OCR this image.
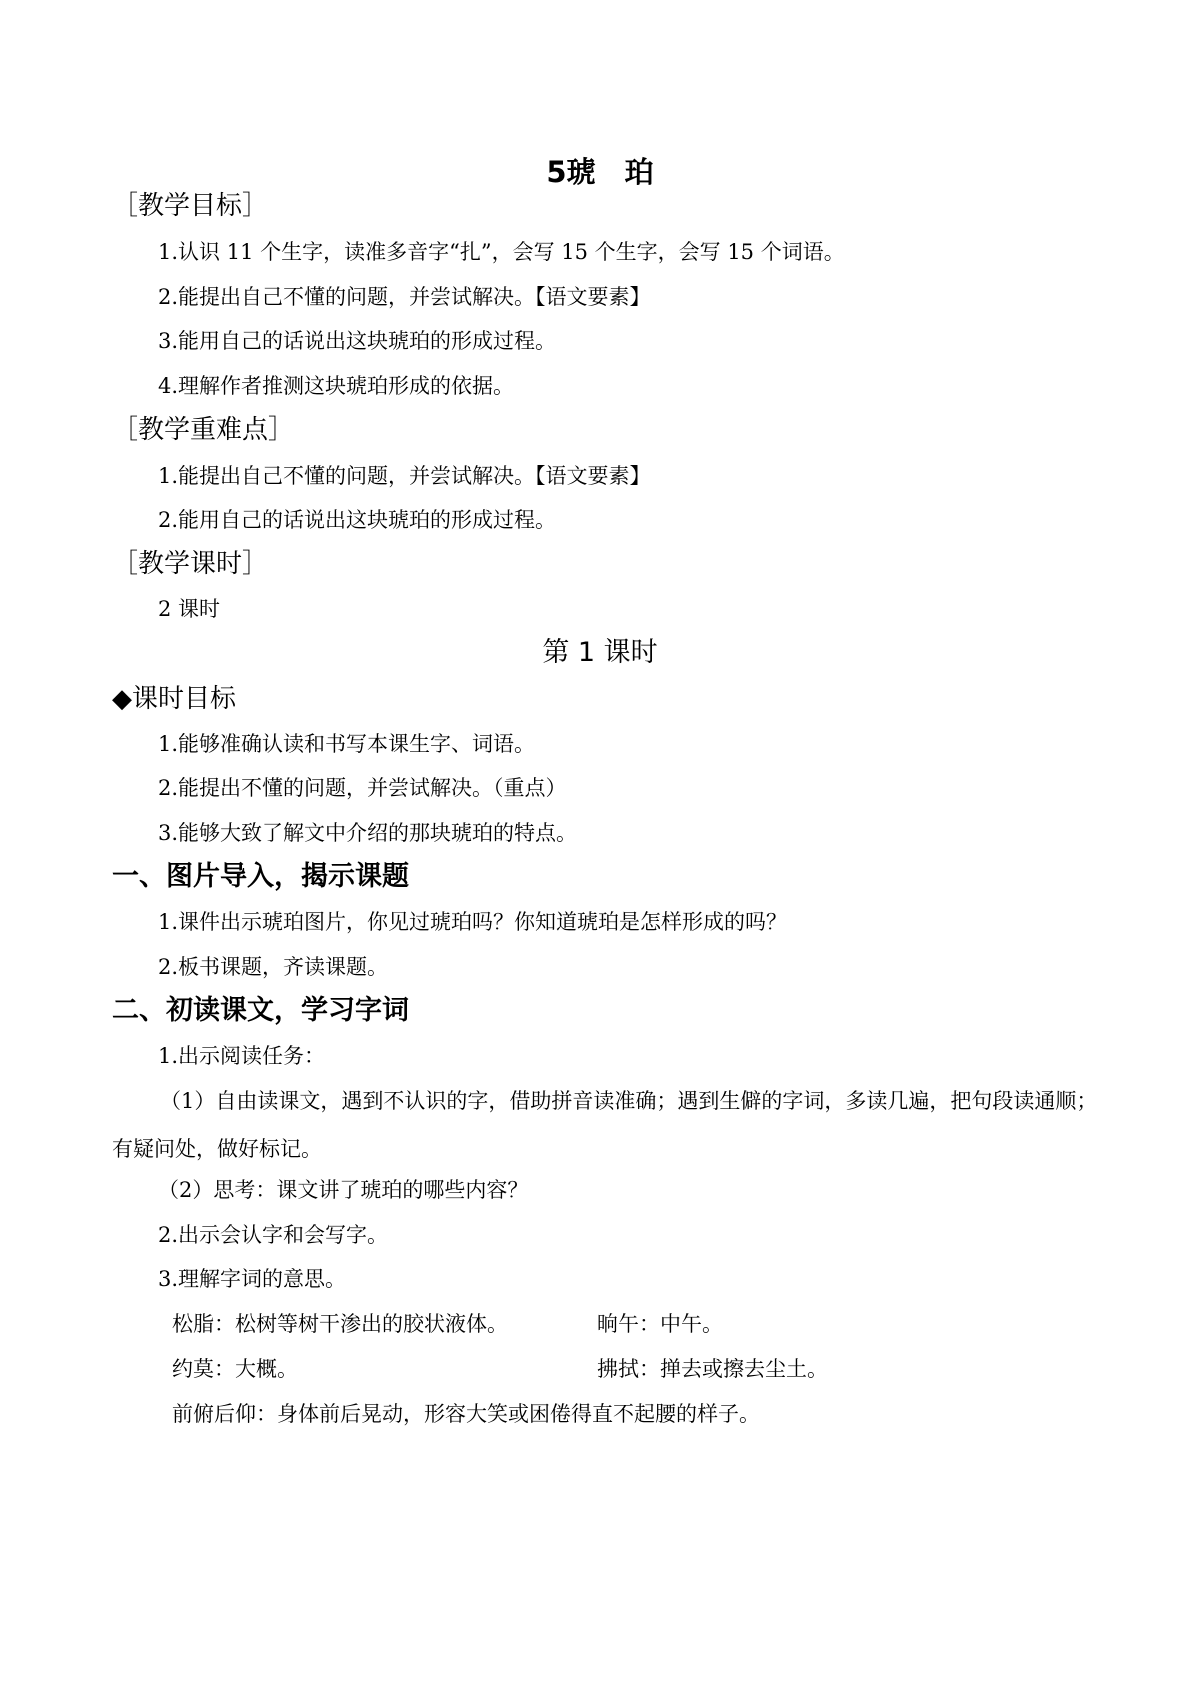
5琥　珀
［教学目标］
1.认识 11 个生字，读准多音字“扎”，会写 15 个生字，会写 15 个词语。
2.能提出自己不懂的问题，并尝试解决。【语文要素】
3.能用自己的话说出这块琥珀的形成过程。
4.理解作者推测这块琥珀形成的依据。
［教学重难点］
1.能提出自己不懂的问题，并尝试解决。【语文要素】
2.能用自己的话说出这块琥珀的形成过程。
［教学课时］
2 课时
第 1 课时
◆课时目标
1.能够准确认读和书写本课生字、词语。
2.能提出不懂的问题，并尝试解决。（重点）
3.能够大致了解文中介绍的那块琥珀的特点。
一、图片导入，揭示课题
1.课件出示琥珀图片，你见过琥珀吗？你知道琥珀是怎样形成的吗？
2.板书课题，齐读课题。
二、初读课文，学习字词
1.出示阅读任务：
（1）自由读课文，遇到不认识的字，借助拼音读准确；遇到生僻的字词，多读几遍，把句段读通顺；有疑问处，做好标记。
（2）思考：课文讲了琥珀的哪些内容？
2.出示会认字和会写字。
3.理解字词的意思。
松脂：松树等树干渗出的胶状液体。	晌午：中午。
约莫：大概。	拂拭：掸去或擦去尘土。
前俯后仰：身体前后晃动，形容大笑或困倦得直不起腰的样子。
